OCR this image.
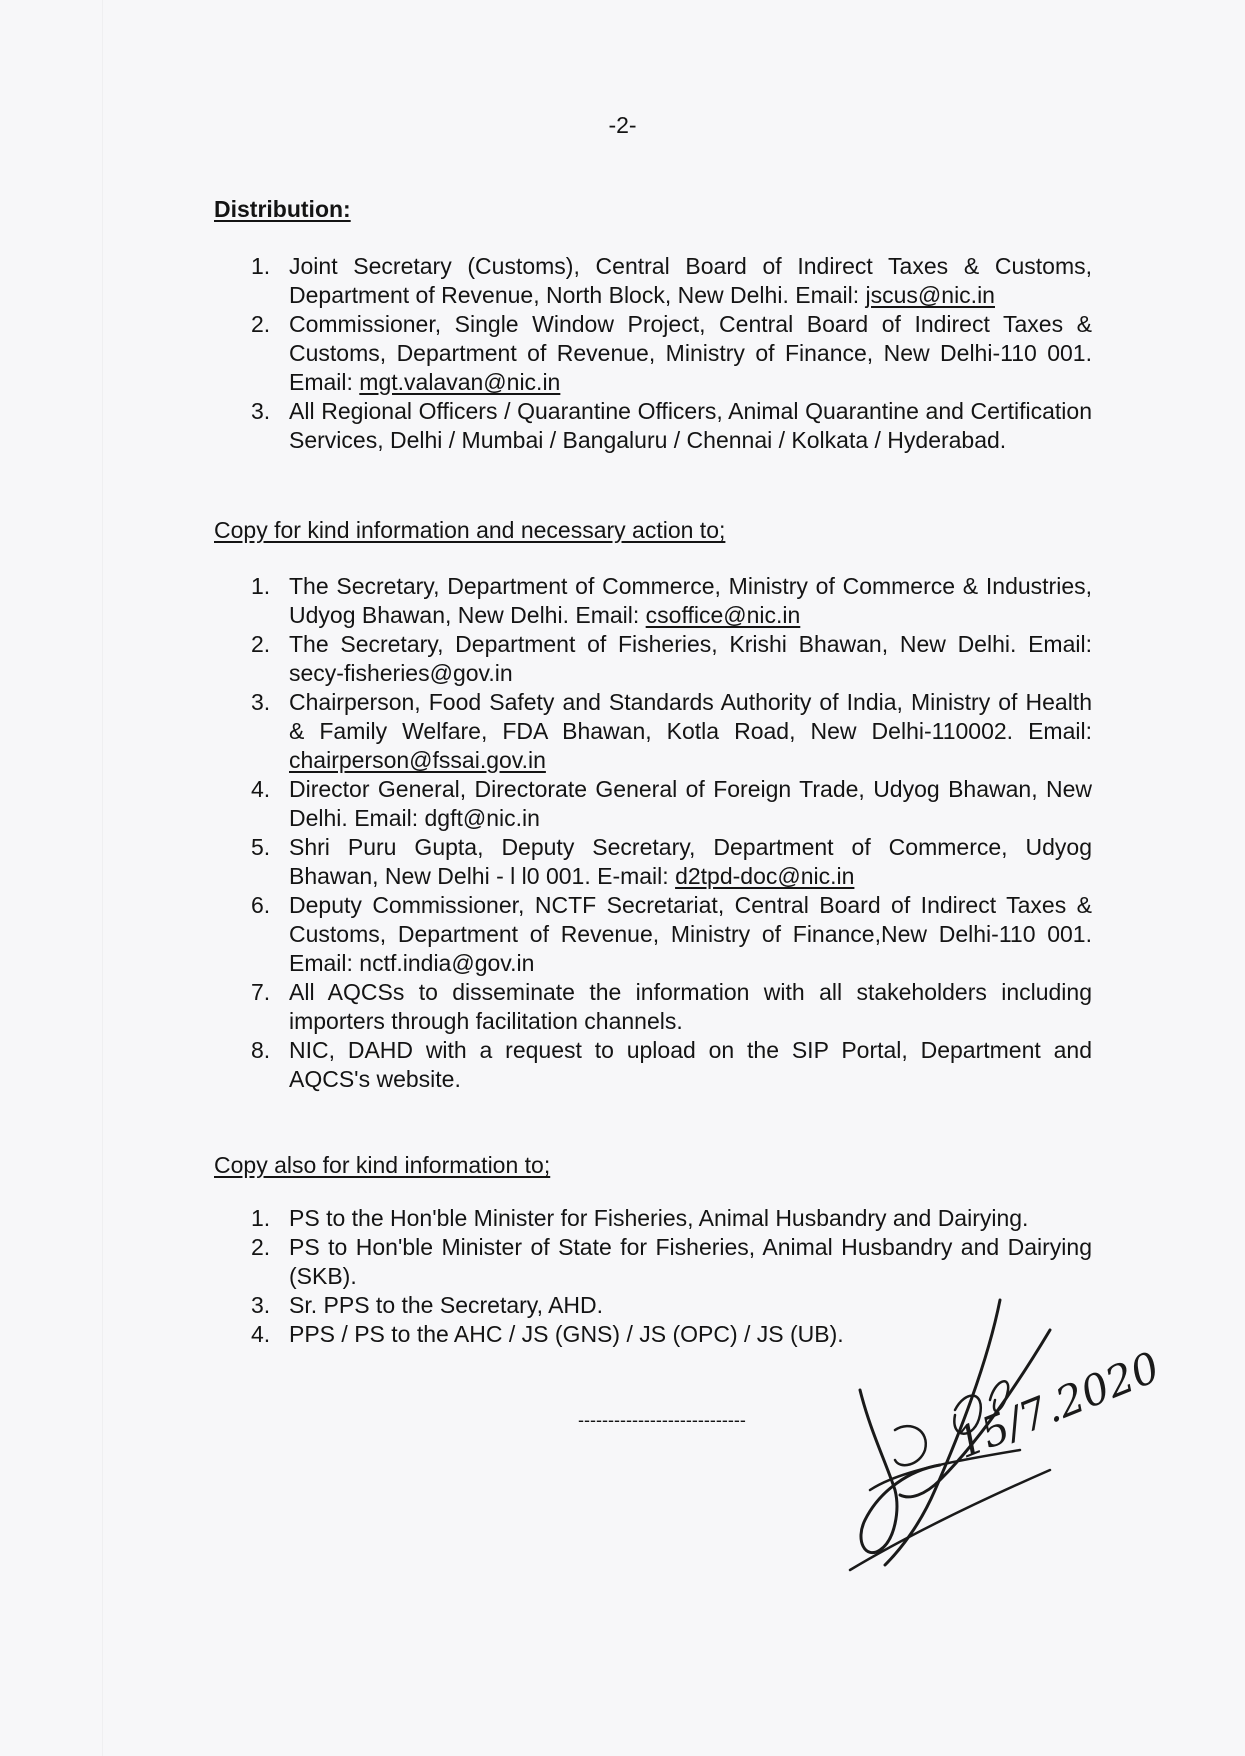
-2-
Distribution:
1. Joint Secretary (Customs), Central Board of Indirect Taxes & Customs, Department of Revenue, North Block, New Delhi. Email: jscus@nic.in
2. Commissioner, Single Window Project, Central Board of Indirect Taxes & Customs, Department of Revenue, Ministry of Finance, New Delhi-110 001. Email: mgt.valavan@nic.in
3. All Regional Officers / Quarantine Officers, Animal Quarantine and Certification Services, Delhi / Mumbai / Bangaluru / Chennai / Kolkata / Hyderabad.
Copy for kind information and necessary action to;
1. The Secretary, Department of Commerce, Ministry of Commerce & Industries, Udyog Bhawan, New Delhi. Email: csoffice@nic.in
2. The Secretary, Department of Fisheries, Krishi Bhawan, New Delhi. Email: secy-fisheries@gov.in
3. Chairperson, Food Safety and Standards Authority of India, Ministry of Health & Family Welfare, FDA Bhawan, Kotla Road, New Delhi-110002. Email: chairperson@fssai.gov.in
4. Director General, Directorate General of Foreign Trade, Udyog Bhawan, New Delhi. Email: dgft@nic.in
5. Shri Puru Gupta, Deputy Secretary, Department of Commerce, Udyog Bhawan, New Delhi - l l0 001. E-mail: d2tpd-doc@nic.in
6. Deputy Commissioner, NCTF Secretariat, Central Board of Indirect Taxes & Customs, Department of Revenue, Ministry of Finance,New Delhi-110 001. Email: nctf.india@gov.in
7. All AQCSs to disseminate the information with all stakeholders including importers through facilitation channels.
8. NIC, DAHD with a request to upload on the SIP Portal, Department and AQCS's website.
Copy also for kind information to;
1. PS to the Hon'ble Minister for Fisheries, Animal Husbandry and Dairying.
2. PS to Hon'ble Minister of State for Fisheries, Animal Husbandry and Dairying (SKB).
3. Sr. PPS to the Secretary, AHD.
4. PPS / PS to the AHC / JS (GNS) / JS (OPC) / JS (UB).
----------------------------	15/7.2020
